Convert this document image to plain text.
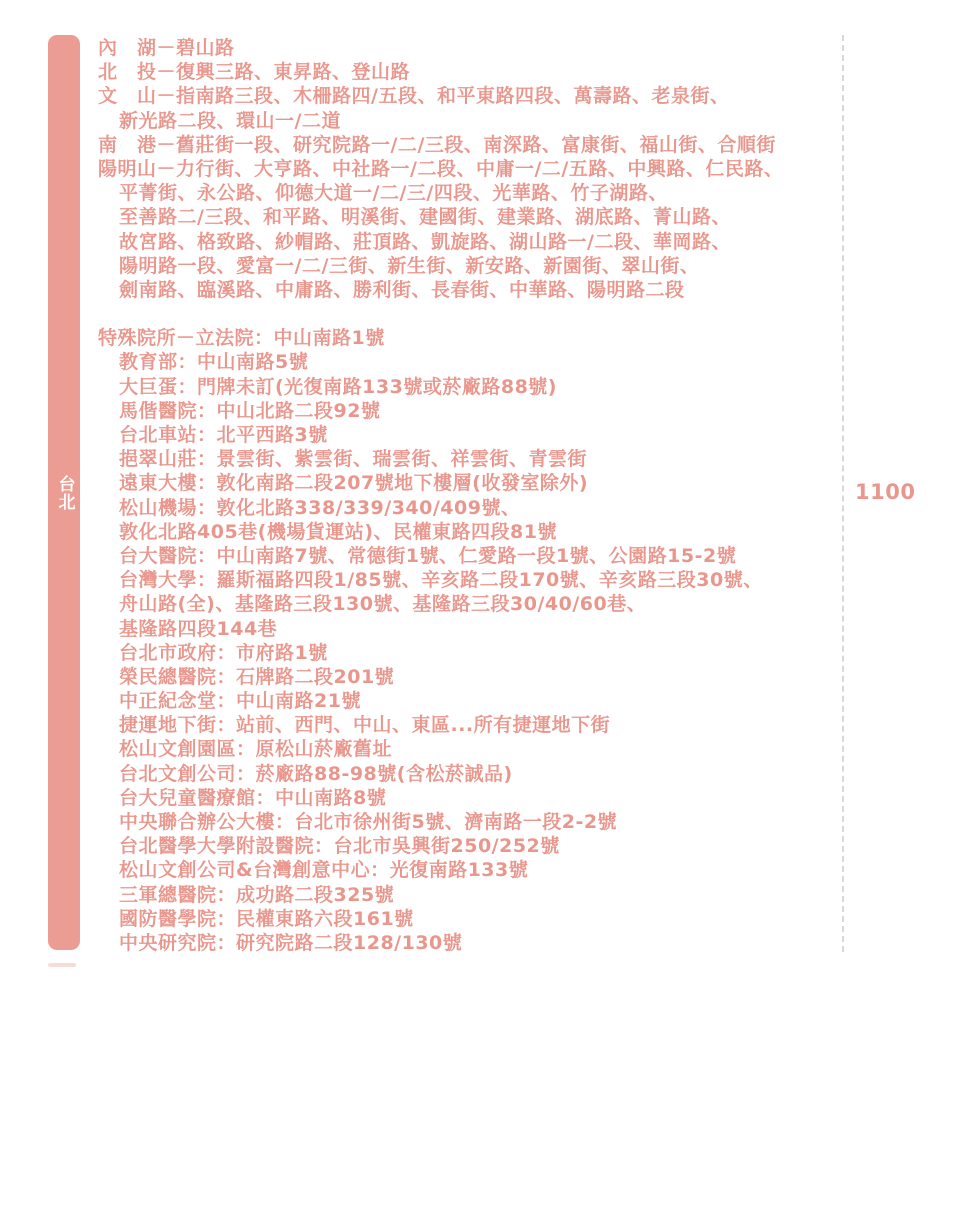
台北
內　湖－碧山路
北　投－復興三路、東昇路、登山路
文　山－指南路三段、木柵路四/五段、和平東路四段、萬壽路、老泉街、
新光路二段、環山一/二道
南　港－舊莊街一段、研究院路一/二/三段、南深路、富康街、福山街、合順街
陽明山－力行街、大亨路、中社路一/二段、中庸一/二/五路、中興路、仁民路、
平菁街、永公路、仰德大道一/二/三/四段、光華路、竹子湖路、
至善路二/三段、和平路、明溪街、建國街、建業路、湖底路、菁山路、
故宮路、格致路、紗帽路、莊頂路、凱旋路、湖山路一/二段、華岡路、
陽明路一段、愛富一/二/三街、新生街、新安路、新園街、翠山街、
劍南路、臨溪路、中庸路、勝利街、長春街、中華路、陽明路二段
特殊院所－立法院：中山南路1號
教育部：中山南路5號
大巨蛋：門牌未訂(光復南路133號或菸廠路88號)
馬偕醫院：中山北路二段92號
台北車站：北平西路3號
挹翠山莊：景雲街、紫雲街、瑞雲街、祥雲街、青雲街
遠東大樓：敦化南路二段207號地下樓層(收發室除外)
松山機場：敦化北路338/339/340/409號、
敦化北路405巷(機場貨運站)、民權東路四段81號
台大醫院：中山南路7號、常德街1號、仁愛路一段1號、公園路15-2號
台灣大學：羅斯福路四段1/85號、辛亥路二段170號、辛亥路三段30號、
舟山路(全)、基隆路三段130號、基隆路三段30/40/60巷、
基隆路四段144巷
台北市政府：市府路1號
榮民總醫院：石牌路二段201號
中正紀念堂：中山南路21號
捷運地下街：站前、西門、中山、東區...所有捷運地下街
松山文創園區：原松山菸廠舊址
台北文創公司：菸廠路88-98號(含松菸誠品)
台大兒童醫療館：中山南路8號
中央聯合辦公大樓：台北市徐州街5號、濟南路一段2-2號
台北醫學大學附設醫院：台北市吳興街250/252號
松山文創公司&台灣創意中心：光復南路133號
三軍總醫院：成功路二段325號
國防醫學院：民權東路六段161號
中央研究院：研究院路二段128/130號
1100
